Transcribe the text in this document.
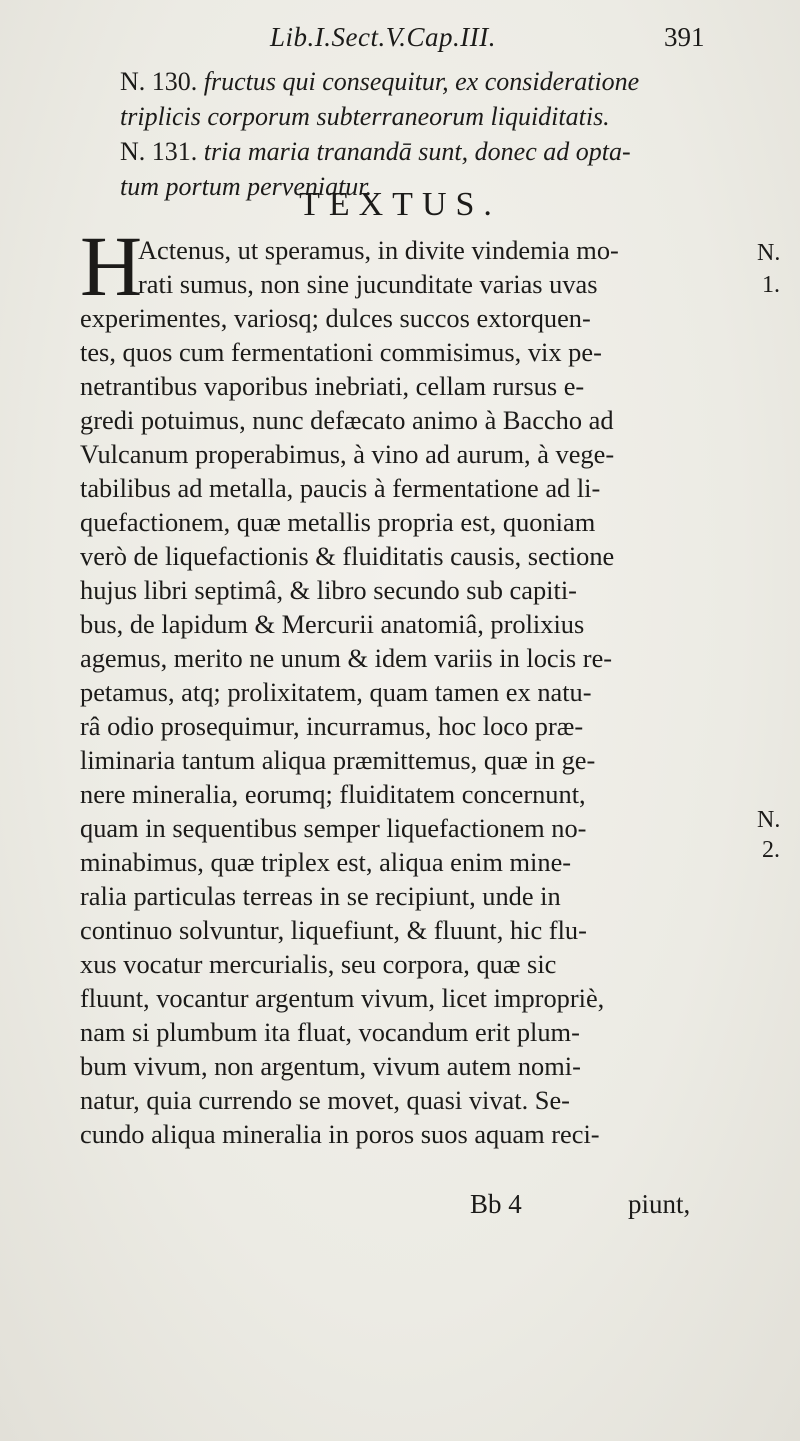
Lib.I.Sect.V.Cap.III.	391
N. 130. fructus qui consequitur, ex consideratione
triplicis corporum subterraneorum liquiditatis.
N. 131. tria maria tranandā sunt, donec ad opta-
tum portum perveniatur.
TEXTUS.
H
Actenus, ut speramus, in divite vindemia mo-
rati sumus, non sine jucunditate varias uvas
experimentes, variosq; dulces succos extorquen-
tes, quos cum fermentationi commisimus, vix pe-
netrantibus vaporibus inebriati, cellam rursus e-
gredi potuimus, nunc defæcato animo à Baccho ad
Vulcanum properabimus, à vino ad aurum, à vege-
tabilibus ad metalla, paucis à fermentatione ad li-
quefactionem, quæ metallis propria est, quoniam
verò de liquefactionis & fluiditatis causis, sectione
hujus libri septimâ, & libro secundo sub capiti-
bus, de lapidum & Mercurii anatomiâ, prolixius
agemus, merito ne unum & idem variis in locis re-
petamus, atq; prolixitatem, quam tamen ex natu-
râ odio prosequimur, incurramus, hoc loco præ-
liminaria tantum aliqua præmittemus, quæ in ge-
nere mineralia, eorumq; fluiditatem concernunt,
quam in sequentibus semper liquefactionem no-
minabimus, quæ triplex est, aliqua enim mine-
ralia particulas terreas in se recipiunt, unde in
continuo solvuntur, liquefiunt, & fluunt, hic flu-
xus vocatur mercurialis, seu corpora, quæ sic
fluunt, vocantur argentum vivum, licet impropriè,
nam si plumbum ita fluat, vocandum erit plum-
bum vivum, non argentum, vivum autem nomi-
natur, quia currendo se movet, quasi vivat. Se-
cundo aliqua mineralia in poros suos aquam reci-
N.
1.
N.
2.
Bb 4	piunt,
